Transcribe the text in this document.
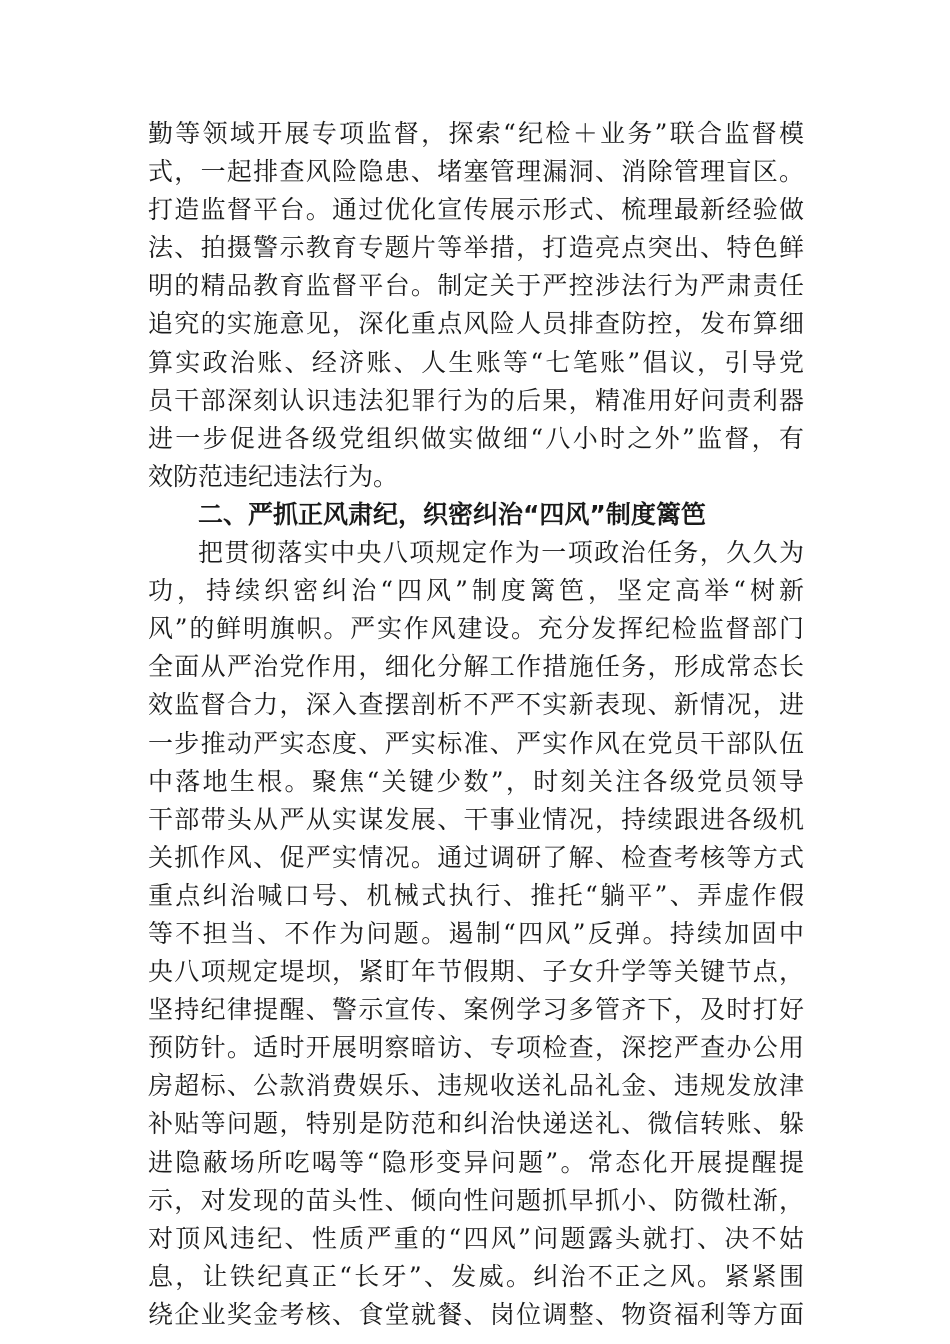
勤等领域开展专项监督，探索“纪检＋业务”联合监督模
式，一起排查风险隐患、堵塞管理漏洞、消除管理盲区。
打造监督平台。通过优化宣传展示形式、梳理最新经验做
法、拍摄警示教育专题片等举措，打造亮点突出、特色鲜
明的精品教育监督平台。制定关于严控涉法行为严肃责任
追究的实施意见，深化重点风险人员排查防控，发布算细
算实政治账、经济账、人生账等“七笔账”倡议，引导党
员干部深刻认识违法犯罪行为的后果，精准用好问责利器
进一步促进各级党组织做实做细“八小时之外”监督，有
效防范违纪违法行为。
二、严抓正风肃纪，织密纠治“四风”制度篱笆
把贯彻落实中央八项规定作为一项政治任务，久久为
功，持续织密纠治“四风”制度篱笆，坚定高举“树新
风”的鲜明旗帜。严实作风建设。充分发挥纪检监督部门
全面从严治党作用，细化分解工作措施任务，形成常态长
效监督合力，深入查摆剖析不严不实新表现、新情况，进
一步推动严实态度、严实标准、严实作风在党员干部队伍
中落地生根。聚焦“关键少数”，时刻关注各级党员领导
干部带头从严从实谋发展、干事业情况，持续跟进各级机
关抓作风、促严实情况。通过调研了解、检查考核等方式
重点纠治喊口号、机械式执行、推托“躺平”、弄虚作假
等不担当、不作为问题。遏制“四风”反弹。持续加固中
央八项规定堤坝，紧盯年节假期、子女升学等关键节点，
坚持纪律提醒、警示宣传、案例学习多管齐下，及时打好
预防针。适时开展明察暗访、专项检查，深挖严查办公用
房超标、公款消费娱乐、违规收送礼品礼金、违规发放津
补贴等问题，特别是防范和纠治快递送礼、微信转账、躲
进隐蔽场所吃喝等“隐形变异问题”。常态化开展提醒提
示，对发现的苗头性、倾向性问题抓早抓小、防微杜渐，
对顶风违纪、性质严重的“四风”问题露头就打、决不姑
息，让铁纪真正“长牙”、发威。纠治不正之风。紧紧围
绕企业奖金考核、食堂就餐、岗位调整、物资福利等方面
